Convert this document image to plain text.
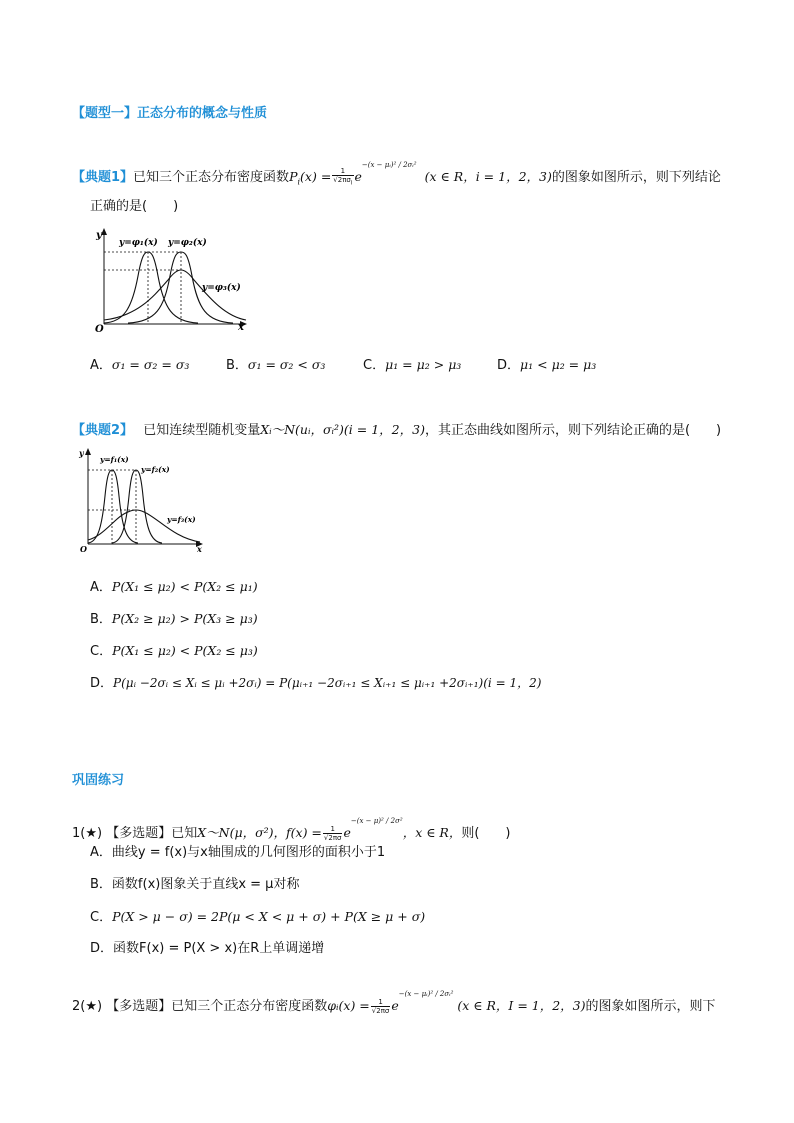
【题型一】正态分布的概念与性质
【典题1】已知三个正态分布密度函数$P_i(x) = \frac{1}{√2\pi\sigma_i} e^{-(x - \mu ᵢ)^2 / 2\sigma ᵢ^2}$ (x ∈ R，i = 1，2，3)的图象如图所示，则下列结论
正确的是(　　)
y
x
O
y=φ₁(x) y=φ₂(x)
y=φ₃(x)
A．σ₁ = σ₂ = σ₃	B．σ₁ = σ₂ < σ₃	C．μ₁ = μ₂ > μ₃	D．μ₁ < μ₂ = μ₃
【典题2】 已知连续型随机变量Xᵢ～N(uᵢ，σᵢ²)(i = 1，2，3)，其正态曲线如图所示，则下列结论正确的是(　　)
y
x
O
y=f₁(x)
y=f₂(x)
y=f₃(x)
A．P(X₁ ≤ μ₂) < P(X₂ ≤ μ₁)
B．P(X₂ ≥ μ₂) > P(X₃ ≥ μ₃)
C．P(X₁ ≤ μ₂) < P(X₂ ≤ μ₃)
D．P(μᵢ −2σᵢ ≤ Xᵢ ≤ μᵢ +2σᵢ) = P(μᵢ₊₁ −2σᵢ₊₁ ≤ Xᵢ₊₁ ≤ μᵢ₊₁ +2σᵢ₊₁)(i = 1，2)
巩固练习
1(★) 【多选题】已知X～N(μ，σ²)，$f(x) = \frac{1}{√2\pi\sigma} e^{-(x - \mu)^2 / 2\sigma^2}$，x ∈ R，则(　　)
A．曲线y = f(x)与x轴围成的几何图形的面积小于1
B．函数f(x)图象关于直线x = μ对称
C．P(X > μ − σ) = 2P(μ < X < μ + σ) + P(X ≥ μ + σ)
D．函数F(x) = P(X > x)在R上单调递增
2(★) 【多选题】已知三个正态分布密度函数φᵢ(x) = $\frac{1}{√2\pi\sigma} e^{-(x - \mu ᵢ)^2 / 2\sigma ᵢ^2}(x$ ∈ R，I = 1，2，3)的图象如图所示，则下
